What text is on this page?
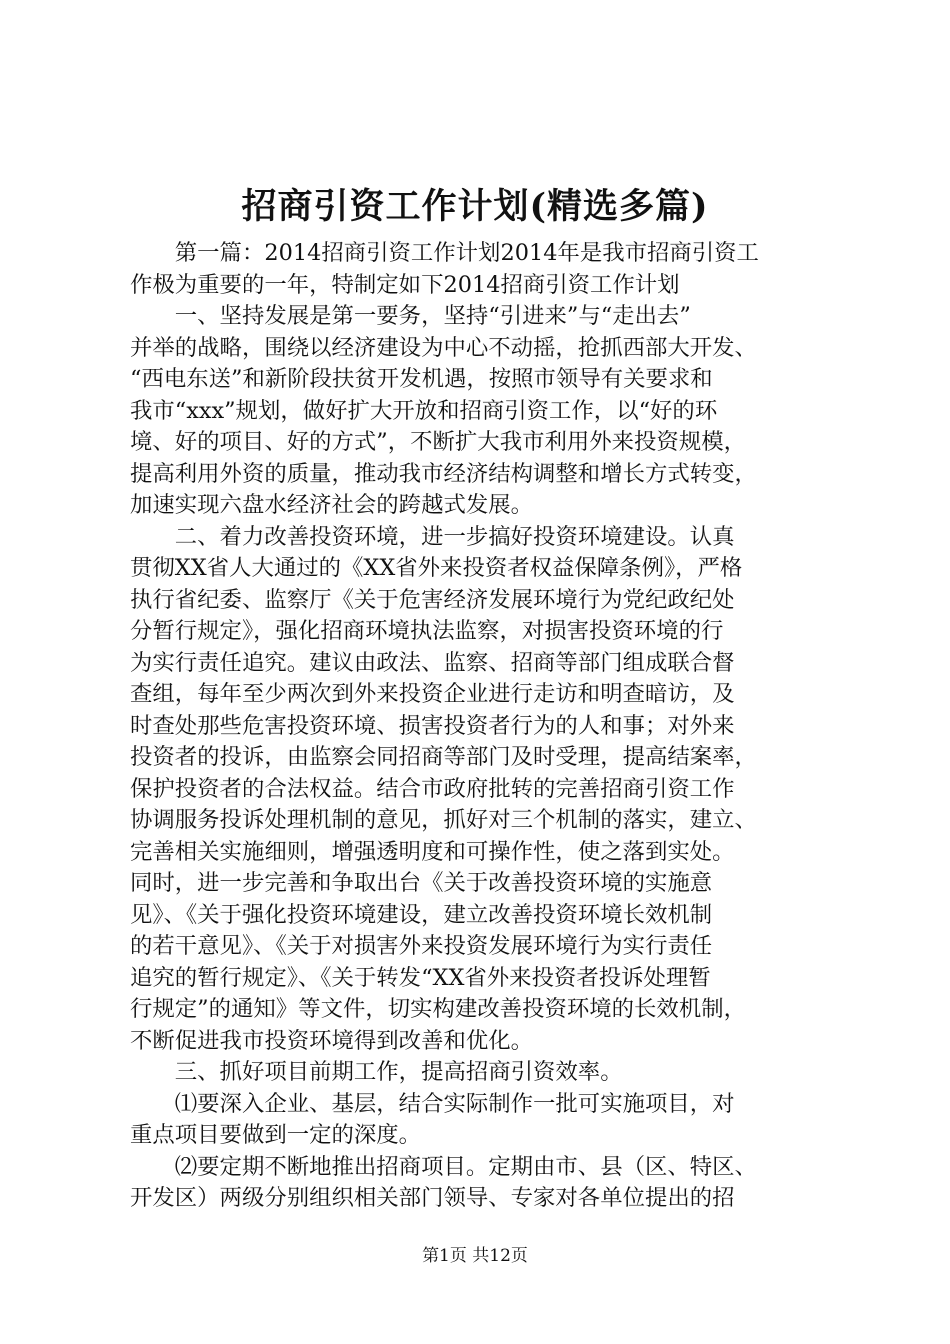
招商引资工作计划(精选多篇)
　　第一篇：2014招商引资工作计划2014年是我市招商引资工
作极为重要的一年，特制定如下2014招商引资工作计划
　　一、坚持发展是第一要务，坚持“引进来”与“走出去”
并举的战略，围绕以经济建设为中心不动摇，抢抓西部大开发、
“西电东送”和新阶段扶贫开发机遇，按照市领导有关要求和
我市“xxx”规划，做好扩大开放和招商引资工作，以“好的环
境、好的项目、好的方式”，不断扩大我市利用外来投资规模，
提高利用外资的质量，推动我市经济结构调整和增长方式转变，
加速实现六盘水经济社会的跨越式发展。
　　二、着力改善投资环境，进一步搞好投资环境建设。认真
贯彻XX省人大通过的《XX省外来投资者权益保障条例》，严格
执行省纪委、监察厅《关于危害经济发展环境行为党纪政纪处
分暂行规定》，强化招商环境执法监察，对损害投资环境的行
为实行责任追究。建议由政法、监察、招商等部门组成联合督
查组，每年至少两次到外来投资企业进行走访和明查暗访，及
时查处那些危害投资环境、损害投资者行为的人和事；对外来
投资者的投诉，由监察会同招商等部门及时受理，提高结案率，
保护投资者的合法权益。结合市政府批转的完善招商引资工作
协调服务投诉处理机制的意见，抓好对三个机制的落实，建立、
完善相关实施细则，增强透明度和可操作性，使之落到实处。
同时，进一步完善和争取出台《关于改善投资环境的实施意
见》、《关于强化投资环境建设，建立改善投资环境长效机制
的若干意见》、《关于对损害外来投资发展环境行为实行责任
追究的暂行规定》、《关于转发“XX省外来投资者投诉处理暂
行规定”的通知》等文件，切实构建改善投资环境的长效机制，
不断促进我市投资环境得到改善和优化。
　　三、抓好项目前期工作，提高招商引资效率。
　　⑴要深入企业、基层，结合实际制作一批可实施项目，对
重点项目要做到一定的深度。
　　⑵要定期不断地推出招商项目。定期由市、县（区、特区、
开发区）两级分别组织相关部门领导、专家对各单位提出的招
第1页 共12页
